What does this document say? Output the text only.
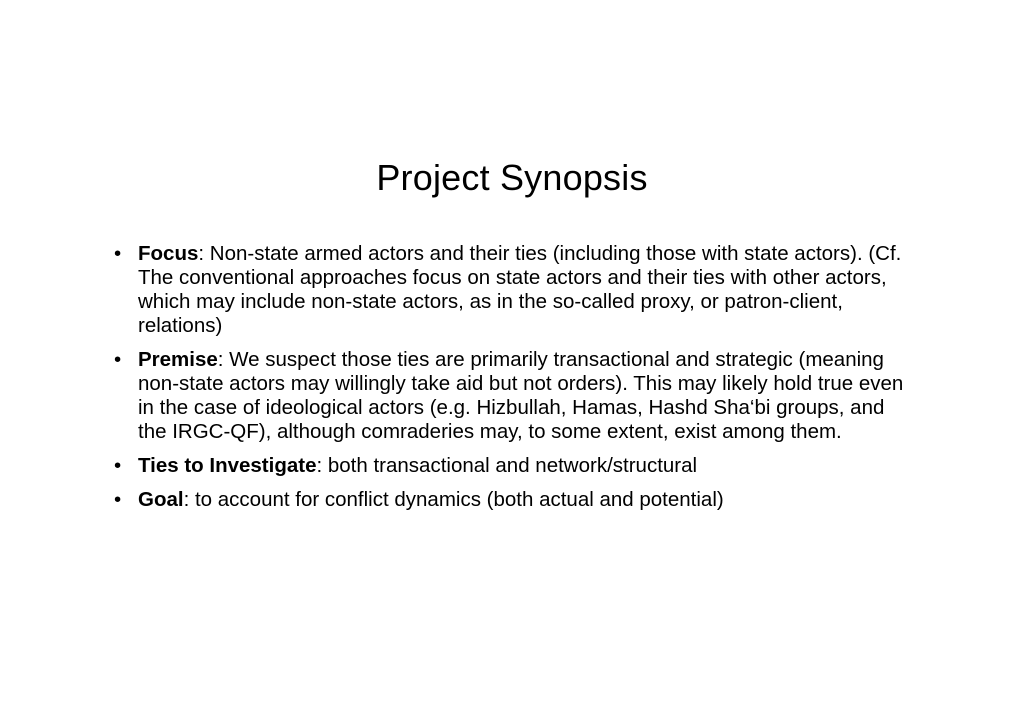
Project Synopsis
• Focus: Non-state armed actors and their ties (including those with state actors). (Cf. The conventional approaches focus on state actors and their ties with other actors, which may include non-state actors, as in the so-called proxy, or patron-client, relations)
• Premise: We suspect those ties are primarily transactional and strategic (meaning non-state actors may willingly take aid but not orders). This may likely hold true even in the case of ideological actors (e.g. Hizbullah, Hamas, Hashd Sha‘bi groups, and the IRGC-QF), although comraderies may, to some extent, exist among them.
• Ties to Investigate: both transactional and network/structural
• Goal: to account for conflict dynamics (both actual and potential)
